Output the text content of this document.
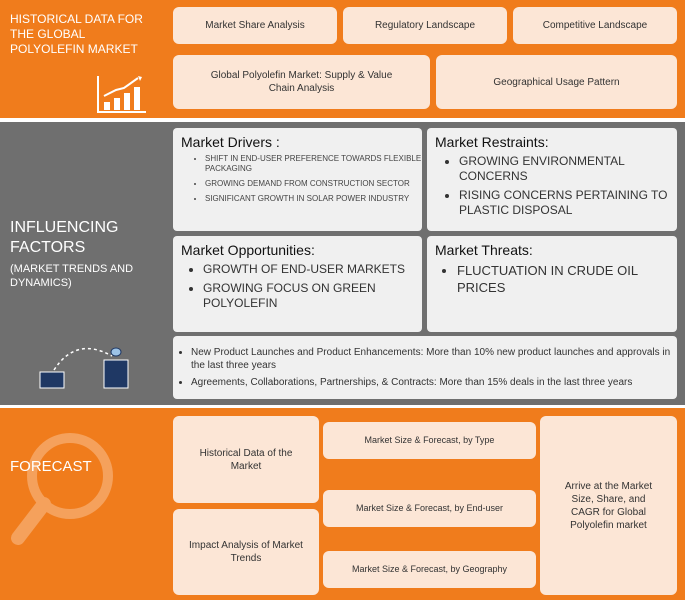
HISTORICAL DATA FOR THE GLOBAL POLYOLEFIN MARKET
Market Share Analysis	Regulatory Landscape	Competitive Landscape
Global Polyolefin Market: Supply & Value Chain Analysis
Geographical Usage Pattern
INFLUENCING FACTORS
(MARKET TRENDS AND DYNAMICS)
Market Drivers :
• SHIFT IN END-USER PREFERENCE TOWARDS FLEXIBLE PACKAGING
• GROWING DEMAND FROM CONSTRUCTION SECTOR
• SIGNIFICANT GROWTH IN SOLAR POWER INDUSTRY
Market Restraints:
• GROWING ENVIRONMENTAL CONCERNS
• RISING CONCERNS PERTAINING TO PLASTIC DISPOSAL
Market Opportunities:
• GROWTH OF END-USER MARKETS
• GROWING FOCUS ON GREEN POLYOLEFIN
Market Threats:
• FLUCTUATION IN CRUDE OIL PRICES
• New Product Launches and Product Enhancements: More than 10% new product launches and approvals in the last three years
• Agreements, Collaborations, Partnerships, & Contracts: More than 15% deals in the last three years
FORECAST
Historical Data of the Market
Impact Analysis of Market Trends
Market Size & Forecast, by Type
Market Size & Forecast, by End-user
Market Size & Forecast, by Geography
Arrive at the Market Size, Share, and CAGR for Global Polyolefin market
